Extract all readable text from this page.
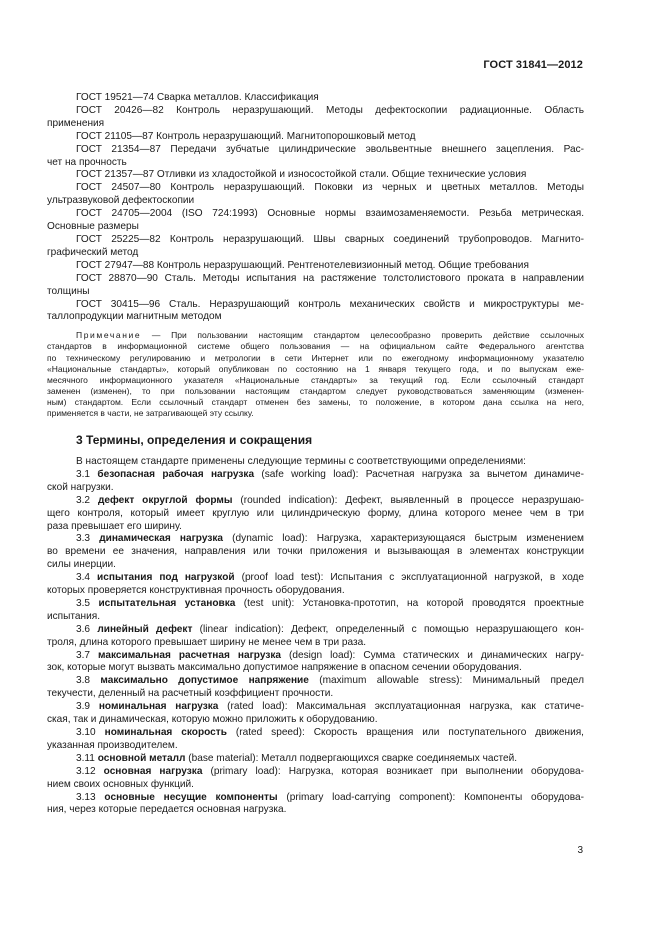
ГОСТ 31841—2012
ГОСТ 19521—74 Сварка металлов. Классификация
ГОСТ 20426—82 Контроль неразрушающий. Методы дефектоскопии радиационные. Область
применения
ГОСТ 21105—87 Контроль неразрушающий. Магнитопорошковый метод
ГОСТ 21354—87 Передачи зубчатые цилиндрические эвольвентные внешнего зацепления. Рас-
чет на прочность
ГОСТ 21357—87 Отливки из хладостойкой и износостойкой стали. Общие технические условия
ГОСТ 24507—80 Контроль неразрушающий. Поковки из черных и цветных металлов. Методы
ультразвуковой дефектоскопии
ГОСТ 24705—2004 (ISO 724:1993) Основные нормы взаимозаменяемости. Резьба метрическая.
Основные размеры
ГОСТ 25225—82 Контроль неразрушающий. Швы сварных соединений трубопроводов. Магнито-
графический метод
ГОСТ 27947—88 Контроль неразрушающий. Рентгенотелевизионный метод. Общие требования
ГОСТ 28870—90 Сталь. Методы испытания на растяжение толстолистового проката в направлении
толщины
ГОСТ 30415—96 Сталь. Неразрушающий контроль механических свойств и микроструктуры ме-
таллопродукции магнитным методом
Примечание — При пользовании настоящим стандартом целесообразно проверить действие ссылочных
стандартов в информационной системе общего пользования — на официальном сайте Федерального агентства
по техническому регулированию и метрологии в сети Интернет или по ежегодному информационному указателю
«Национальные стандарты», который опубликован по состоянию на 1 января текущего года, и по выпускам еже-
месячного информационного указателя «Национальные стандарты» за текущий год. Если ссылочный стандарт
заменен (изменен), то при пользовании настоящим стандартом следует руководствоваться заменяющим (изменен-
ным) стандартом. Если ссылочный стандарт отменен без замены, то положение, в котором дана ссылка на него,
применяется в части, не затрагивающей эту ссылку.
3 Термины, определения и сокращения
В настоящем стандарте применены следующие термины с соответствующими определениями:
3.1 безопасная рабочая нагрузка (safe working load): Расчетная нагрузка за вычетом динамиче-
ской нагрузки.
3.2 дефект округлой формы (rounded indication): Дефект, выявленный в процессе неразрушаю-
щего контроля, который имеет круглую или цилиндрическую форму, длина которого менее чем в три
раза превышает его ширину.
3.3 динамическая нагрузка (dynamic load): Нагрузка, характеризующаяся быстрым изменением
во времени ее значения, направления или точки приложения и вызывающая в элементах конструкции
силы инерции.
3.4 испытания под нагрузкой (proof load test): Испытания с эксплуатационной нагрузкой, в ходе
которых проверяется конструктивная прочность оборудования.
3.5 испытательная установка (test unit): Установка-прототип, на которой проводятся проектные
испытания.
3.6 линейный дефект (linear indication): Дефект, определенный с помощью неразрушающего кон-
троля, длина которого превышает ширину не менее чем в три раза.
3.7 максимальная расчетная нагрузка (design load): Сумма статических и динамических нагру-
зок, которые могут вызвать максимально допустимое напряжение в опасном сечении оборудования.
3.8 максимально допустимое напряжение (maximum allowable stress): Минимальный предел
текучести, деленный на расчетный коэффициент прочности.
3.9 номинальная нагрузка (rated load): Максимальная эксплуатационная нагрузка, как статиче-
ская, так и динамическая, которую можно приложить к оборудованию.
3.10 номинальная скорость (rated speed): Скорость вращения или поступательного движения,
указанная производителем.
3.11 основной металл (base material): Металл подвергающихся сварке соединяемых частей.
3.12 основная нагрузка (primary load): Нагрузка, которая возникает при выполнении оборудова-
нием своих основных функций.
3.13 основные несущие компоненты (primary load-carrying component): Компоненты оборудова-
ния, через которые передается основная нагрузка.
3
